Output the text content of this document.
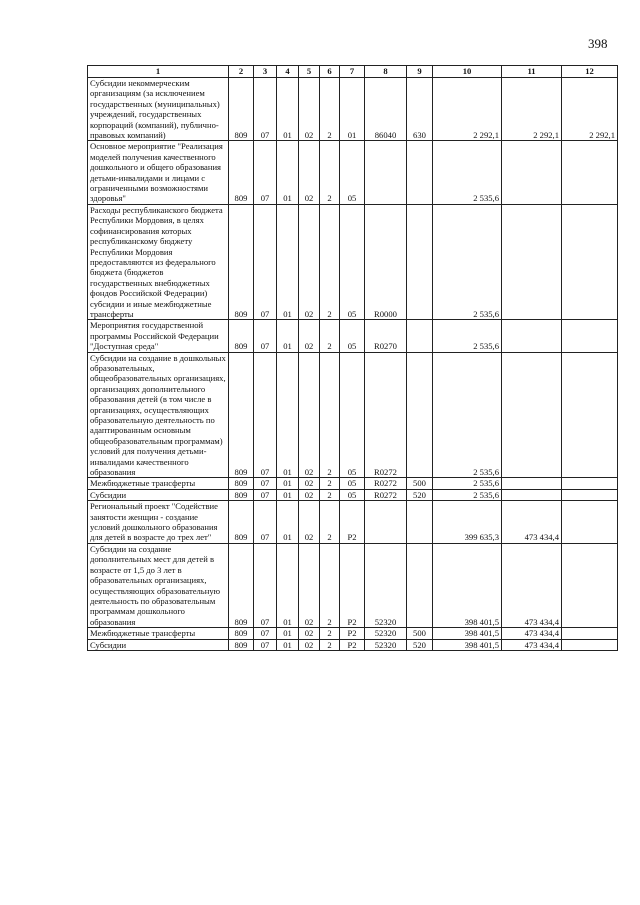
398
1	2	3	4	5	6	7	8	9	10	11	12
Субсидии некоммерческим организациям (за исключением государственных (муниципальных) учреждений, государственных корпораций (компаний), публично-правовых компаний)	809	07	01	02	2	01	86040	630	2 292,1	2 292,1	2 292,1
Основное мероприятие "Реализация моделей получения качественного дошкольного и общего образования детьми-инвалидами и лицами с ограниченными возможностями здоровья"	809	07	01	02	2	05			2 535,6		
Расходы республиканского бюджета Республики Мордовия, в целях софинансирования которых республиканскому бюджету Республики Мордовия предоставляются из федерального бюджета (бюджетов государственных внебюджетных фондов Российской Федерации) субсидии и иные межбюджетные трансферты	809	07	01	02	2	05	R0000		2 535,6		
Мероприятия государственной программы Российской Федерации "Доступная среда"	809	07	01	02	2	05	R0270		2 535,6		
Субсидии на создание в дошкольных образовательных, общеобразовательных организациях, организациях дополнительного образования детей (в том числе в организациях, осуществляющих образовательную деятельность по адаптированным основным общеобразовательным программам) условий для получения детьми-инвалидами качественного образования	809	07	01	02	2	05	R0272		2 535,6		
Межбюджетные трансферты	809	07	01	02	2	05	R0272	500	2 535,6		
Субсидии	809	07	01	02	2	05	R0272	520	2 535,6		
Региональный проект "Содействие занятости женщин - создание условий дошкольного образования для детей в возрасте до трех лет"	809	07	01	02	2	P2			399 635,3	473 434,4	
Субсидии на создание дополнительных мест для детей в возрасте от 1,5 до 3 лет в образовательных организациях, осуществляющих образовательную деятельность по образовательным программам дошкольного образования	809	07	01	02	2	P2	52320		398 401,5	473 434,4	
Межбюджетные трансферты	809	07	01	02	2	P2	52320	500	398 401,5	473 434,4	
Субсидии	809	07	01	02	2	P2	52320	520	398 401,5	473 434,4	
